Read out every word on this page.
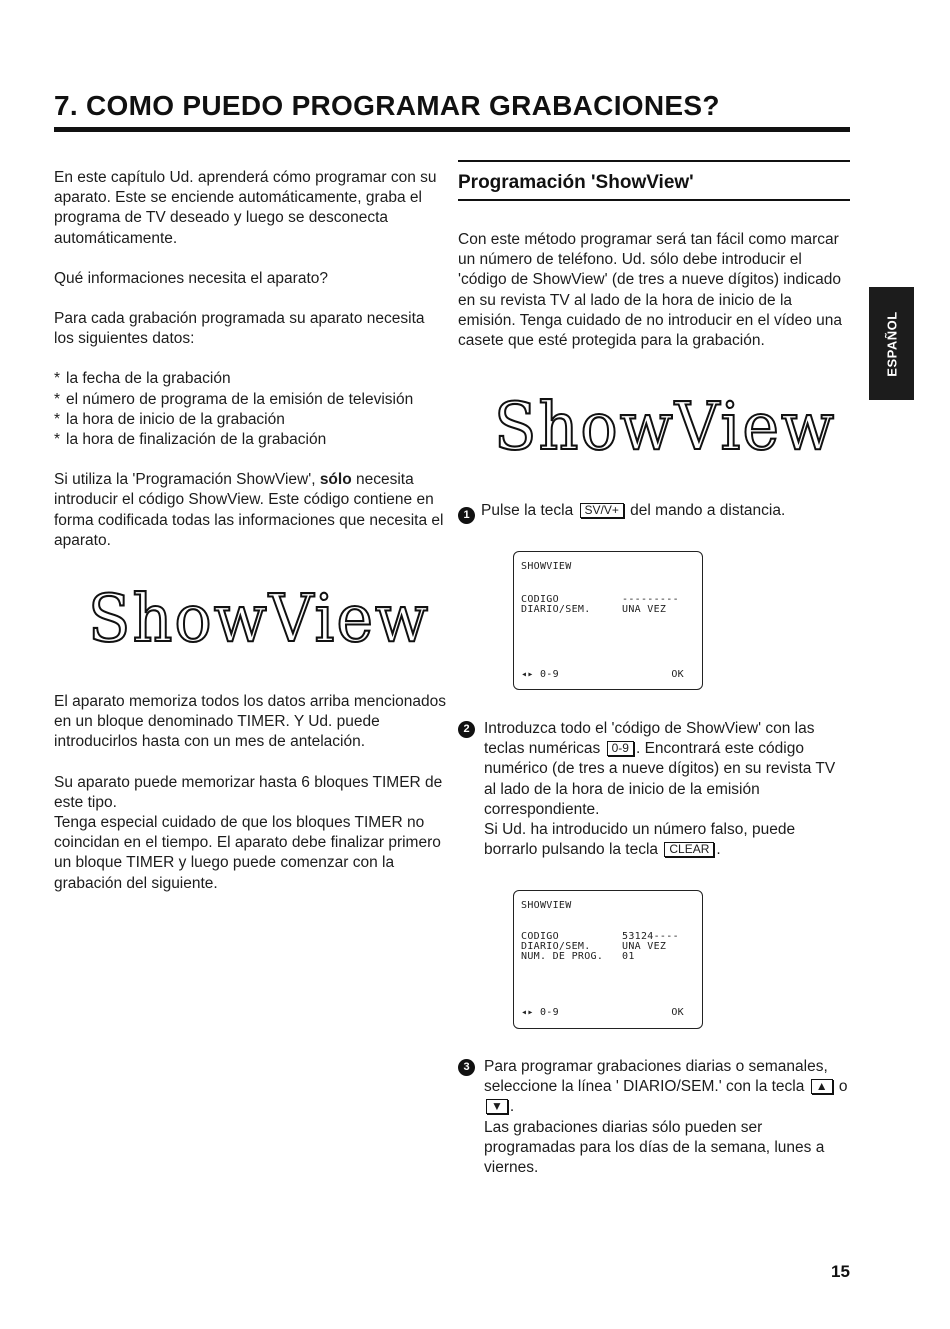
7. COMO PUEDO PROGRAMAR GRABACIONES?
ESPAÑOL

En este capítulo Ud. aprenderá cómo programar con su aparato. Este se enciende automáticamente, graba el programa de TV deseado y luego se desconecta automáticamente.

Qué informaciones necesita el aparato?

Para cada grabación programada su aparato necesita los siguientes datos:

* la fecha de la grabación
* el número de programa de la emisión de televisión
* la hora de inicio de la grabación
* la hora de finalización de la grabación

Si utiliza la 'Programación ShowView', sólo necesita introducir el código ShowView. Este código contiene en forma codificada todas las informaciones que necesita el aparato.

ShowView

El aparato memoriza todos los datos arriba mencionados en un bloque denominado TIMER. Y Ud. puede introducirlos hasta con un mes de antelación.

Su aparato puede memorizar hasta 6 bloques TIMER de este tipo.

Tenga especial cuidado de que los bloques TIMER no coincidan en el tiempo. El aparato debe finalizar primero un bloque TIMER y luego puede comenzar con la grabación del siguiente.

Programación 'ShowView'
Con este método programar será tan fácil como marcar un número de teléfono. Ud. sólo debe introducir el 'código de ShowView' (de tres a nueve dígitos) indicado en su revista TV al lado de la hora de inicio de la emisión. Tenga cuidado de no introducir en el vídeo una casete que esté protegida para la grabación.
ShowView
1 Pulse la tecla SV/V+ del mando a distancia.
SHOWVIEW
CODIGO	---------
DIARIO/SEM.	UNA VEZ
◂▸ 0-9	OK
2 Introduzca todo el 'código de ShowView' con las teclas numéricas 0-9 . Encontrará este código numérico (de tres a nueve dígitos) en su revista TV al lado de la hora de inicio de la emisión correspondiente.
Si Ud. ha introducido un número falso, puede borrarlo pulsando la tecla CLEAR .
SHOWVIEW
CODIGO	53124----
DIARIO/SEM.	UNA VEZ
NUM. DE PROG. 01
◂▸ 0-9	OK
3 Para programar grabaciones diarias o semanales, seleccione la línea ' DIARIO/SEM.' con la tecla ▲ o ▼ .
Las grabaciones diarias sólo pueden ser programadas para los días de la semana, lunes a viernes.
15
